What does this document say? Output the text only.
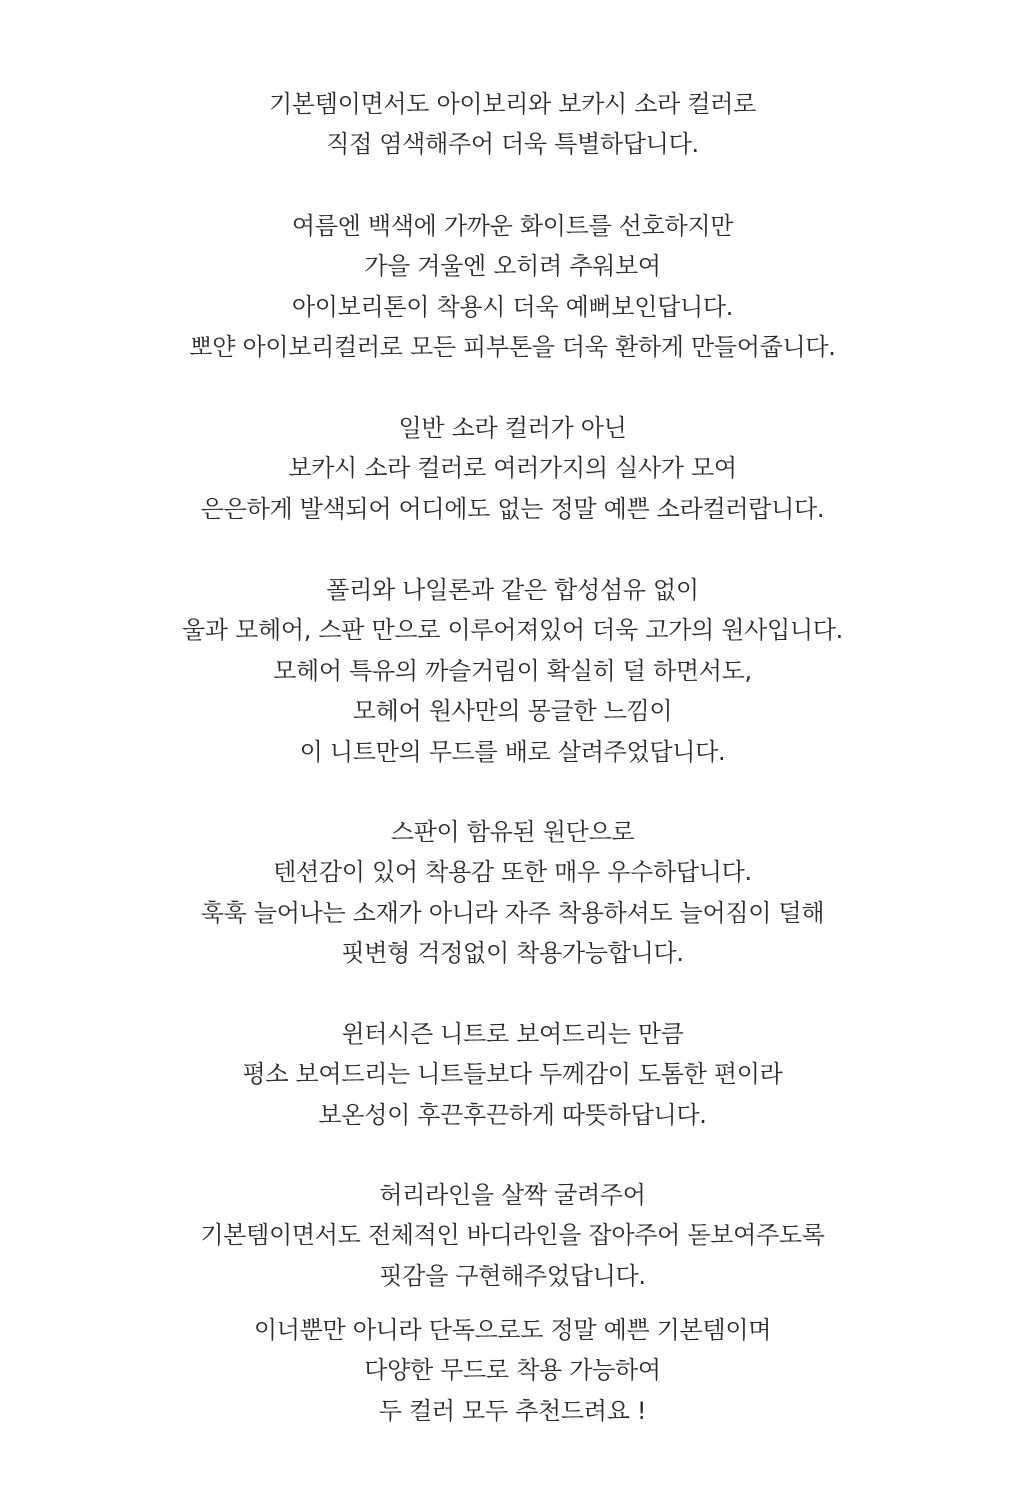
기본템이면서도 아이보리와 보카시 소라 컬러로
직접 염색해주어 더욱 특별하답니다.
여름엔 백색에 가까운 화이트를 선호하지만
가을 겨울엔 오히려 추워보여
아이보리톤이 착용시 더욱 예뻐보인답니다.
뽀얀 아이보리컬러로 모든 피부톤을 더욱 환하게 만들어줍니다.
일반 소라 컬러가 아닌
보카시 소라 컬러로 여러가지의 실사가 모여
은은하게 발색되어 어디에도 없는 정말 예쁜 소라컬러랍니다.
폴리와 나일론과 같은 합성섬유 없이
울과 모헤어, 스판 만으로 이루어져있어 더욱 고가의 원사입니다.
모헤어 특유의 까슬거림이 확실히 덜 하면서도,
모헤어 원사만의 몽글한 느낌이
이 니트만의 무드를 배로 살려주었답니다.
스판이 함유된 원단으로
텐션감이 있어 착용감 또한 매우 우수하답니다.
훅훅 늘어나는 소재가 아니라 자주 착용하셔도 늘어짐이 덜해
핏변형 걱정없이 착용가능합니다.
윈터시즌 니트로 보여드리는 만큼
평소 보여드리는 니트들보다 두께감이 도톰한 편이라
보온성이 후끈후끈하게 따뜻하답니다.
허리라인을 살짝 굴려주어
기본템이면서도 전체적인 바디라인을 잡아주어 돋보여주도록
핏감을 구현해주었답니다.
이너뿐만 아니라 단독으로도 정말 예쁜 기본템이며
다양한 무드로 착용 가능하여
두 컬러 모두 추천드려요 !
